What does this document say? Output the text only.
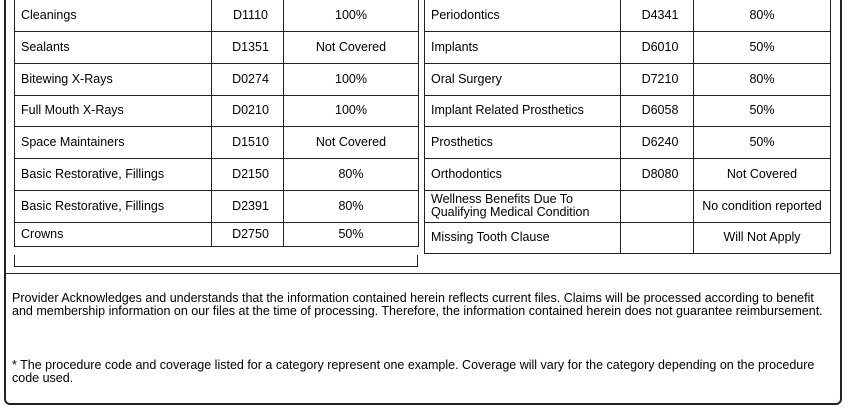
Cleanings	D1110	100%
Sealants	D1351	Not Covered
Bitewing X-Rays	D0274	100%
Full Mouth X-Rays	D0210	100%
Space Maintainers	D1510	Not Covered
Basic Restorative, Fillings	D2150	80%
Basic Restorative, Fillings	D2391	80%
Crowns	D2750	50%
Periodontics	D4341	80%
Implants	D6010	50%
Oral Surgery	D7210	80%
Implant Related Prosthetics	D6058	50%
Prosthetics	D6240	50%
Orthodontics	D8080	Not Covered
Wellness Benefits Due To Qualifying Medical Condition		No condition reported
Missing Tooth Clause		Will Not Apply
Provider Acknowledges and understands that the information contained herein reflects current files. Claims will be processed according to benefit and membership information on our files at the time of processing. Therefore, the information contained herein does not guarantee reimbursement.
* The procedure code and coverage listed for a category represent one example. Coverage will vary for the category depending on the procedure code used.
